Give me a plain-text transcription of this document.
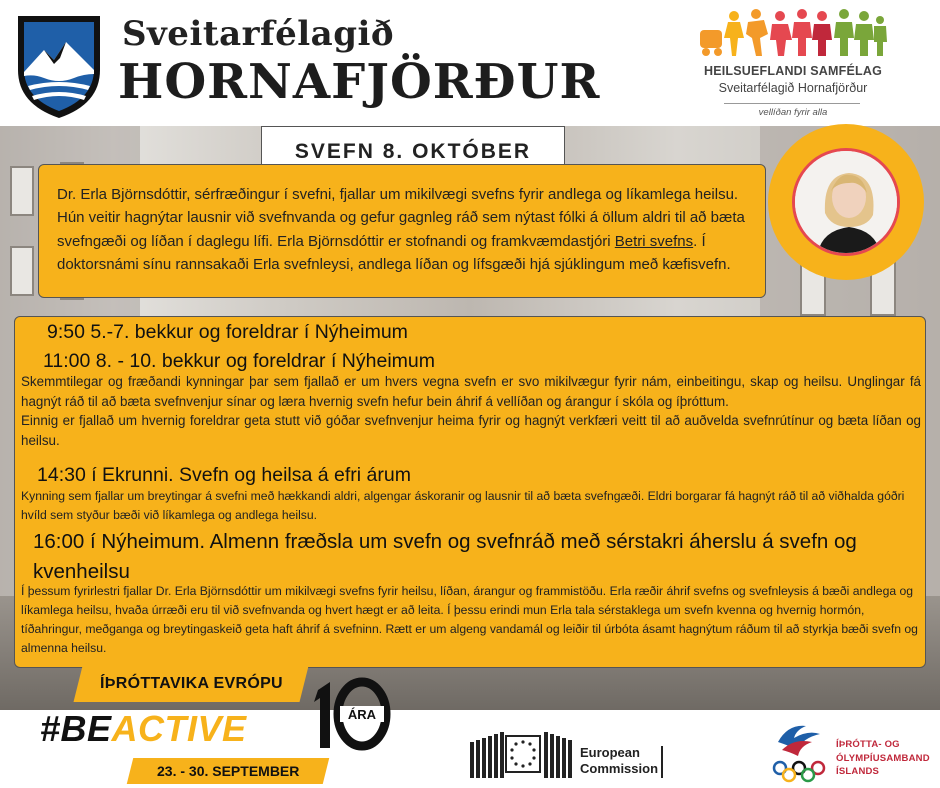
Sveitarfélagið
HORNAFJÖRÐUR	HEILSUEFLANDI SAMFÉLAG
Sveitarfélagið Hornafjörður
vellíðan fyrir alla
SVEFN 8. OKTÓBER

Dr. Erla Björnsdóttir, sérfræðingur í svefni, fjallar um mikilvægi svefns fyrir andlega og líkamlega heilsu. Hún veitir hagnýtar lausnir við svefnvanda og gefur gagnleg ráð sem nýtast fólki á öllum aldri til að bæta svefngæði og líðan í daglegu lífi. Erla Björnsdóttir er stofnandi og framkvæmdastjóri Betri svefns. Í doktorsnámi sínu rannsakaði Erla svefnleysi, andlega líðan og lífsgæði hjá sjúklingum með kæfisvefn.

9:50 5.-7. bekkur og foreldrar í Nýheimum
11:00 8. - 10. bekkur og foreldrar í Nýheimum
Skemmtilegar og fræðandi kynningar þar sem fjallað er um hvers vegna svefn er svo mikilvægur fyrir nám, einbeitingu, skap og heilsu. Unglingar fá hagnýt ráð til að bæta svefnvenjur sínar og læra hvernig svefn hefur bein áhrif á vellíðan og árangur í skóla og íþróttum.
Einnig er fjallað um hvernig foreldrar geta stutt við góðar svefnvenjur heima fyrir og hagnýt verkfæri veitt til að auðvelda svefnrútínur og bæta líðan og heilsu.
14:30 í Ekrunni. Svefn og heilsa á efri árum
Kynning sem fjallar um breytingar á svefni með hækkandi aldri, algengar áskoranir og lausnir til að bæta svefngæði. Eldri borgarar fá hagnýt ráð til að viðhalda góðri hvíld sem styður bæði við líkamlega og andlega heilsu.
16:00 í Nýheimum. Almenn fræðsla um svefn og svefnráð með sérstakri áherslu á svefn og
kvenheilsu
Í þessum fyrirlestri fjallar Dr. Erla Björnsdóttir um mikilvægi svefns fyrir heilsu, líðan, árangur og frammistöðu. Erla ræðir áhrif svefns og svefnleysis á bæði andlega og líkamlega heilsu, hvaða úrræði eru til við svefnvanda og hvert hægt er að leita. Í þessu erindi mun Erla tala sérstaklega um svefn kvenna og hvernig hormón, tíðahringur, meðganga og breytingaskeið geta haft áhrif á svefninn. Rætt er um algeng vandamál og leiðir til úrbóta ásamt hagnýtum ráðum til að styrkja bæði svefn og almenna heilsu.
ÍÞRÓTTAVIKA EVRÓPU
#BEACTIVE
23. - 30. SEPTEMBER
ÁRA
European
Commission
ÍÞRÓTTA- OG
ÓLYMPÍUSAMBAND
ÍSLANDS
